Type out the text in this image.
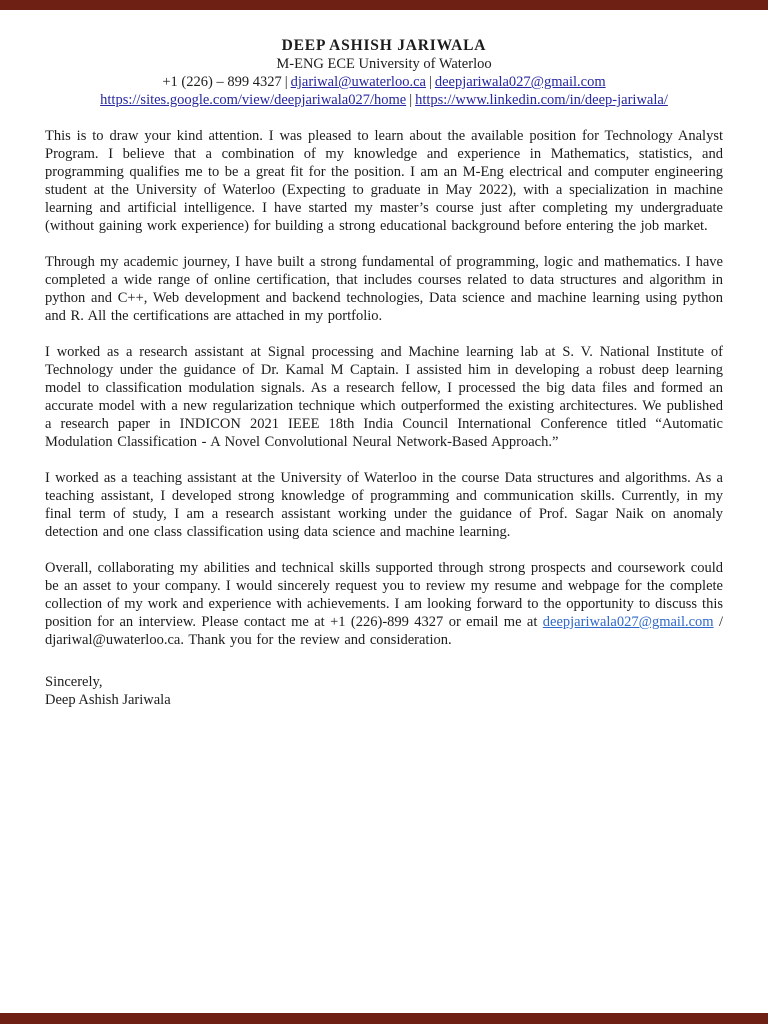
DEEP ASHISH JARIWALA
M-ENG ECE University of Waterloo
+1 (226) – 899 4327 | djariwal@uwaterloo.ca | deepjariwala027@gmail.com
https://sites.google.com/view/deepjariwala027/home | https://www.linkedin.com/in/deep-jariwala/

This is to draw your kind attention. I was pleased to learn about the available position for Technology Analyst Program. I believe that a combination of my knowledge and experience in Mathematics, statistics, and programming qualifies me to be a great fit for the position. I am an M-Eng electrical and computer engineering student at the University of Waterloo (Expecting to graduate in May 2022), with a specialization in machine learning and artificial intelligence. I have started my master’s course just after completing my undergraduate (without gaining work experience) for building a strong educational background before entering the job market.

Through my academic journey, I have built a strong fundamental of programming, logic and mathematics. I have completed a wide range of online certification, that includes courses related to data structures and algorithm in python and C++, Web development and backend technologies, Data science and machine learning using python and R. All the certifications are attached in my portfolio.

I worked as a research assistant at Signal processing and Machine learning lab at S. V. National Institute of Technology under the guidance of Dr. Kamal M Captain. I assisted him in developing a robust deep learning model to classification modulation signals. As a research fellow, I processed the big data files and formed an accurate model with a new regularization technique which outperformed the existing architectures. We published a research paper in INDICON 2021 IEEE 18th India Council International Conference titled “Automatic Modulation Classification - A Novel Convolutional Neural Network-Based Approach.”

I worked as a teaching assistant at the University of Waterloo in the course Data structures and algorithms. As a teaching assistant, I developed strong knowledge of programming and communication skills. Currently, in my final term of study, I am a research assistant working under the guidance of Prof. Sagar Naik on anomaly detection and one class classification using data science and machine learning.

Overall, collaborating my abilities and technical skills supported through strong prospects and coursework could be an asset to your company. I would sincerely request you to review my resume and webpage for the complete collection of my work and experience with achievements. I am looking forward to the opportunity to discuss this position for an interview. Please contact me at +1 (226)-899 4327 or email me at deepjariwala027@gmail.com / djariwal@uwaterloo.ca. Thank you for the review and consideration.

Sincerely,
Deep Ashish Jariwala
